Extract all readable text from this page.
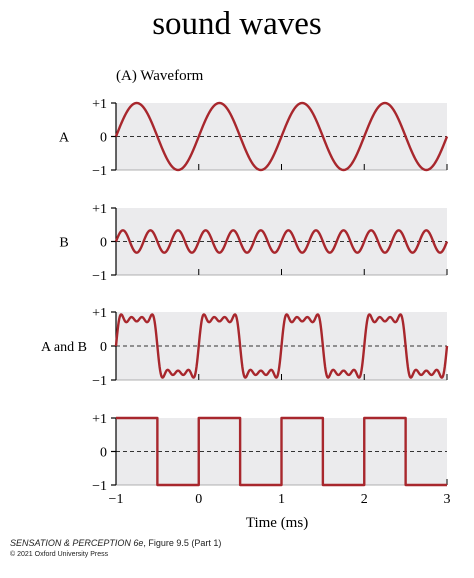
sound waves
(A) Waveform
+1
0
−1
A
+1
0
−1
B
+1
0
−1
A and B
+1
0
−1
−1	0	1	2	3
Time (ms)
SENSATION & PERCEPTION 6e, Figure 9.5 (Part 1)
© 2021 Oxford University Press
